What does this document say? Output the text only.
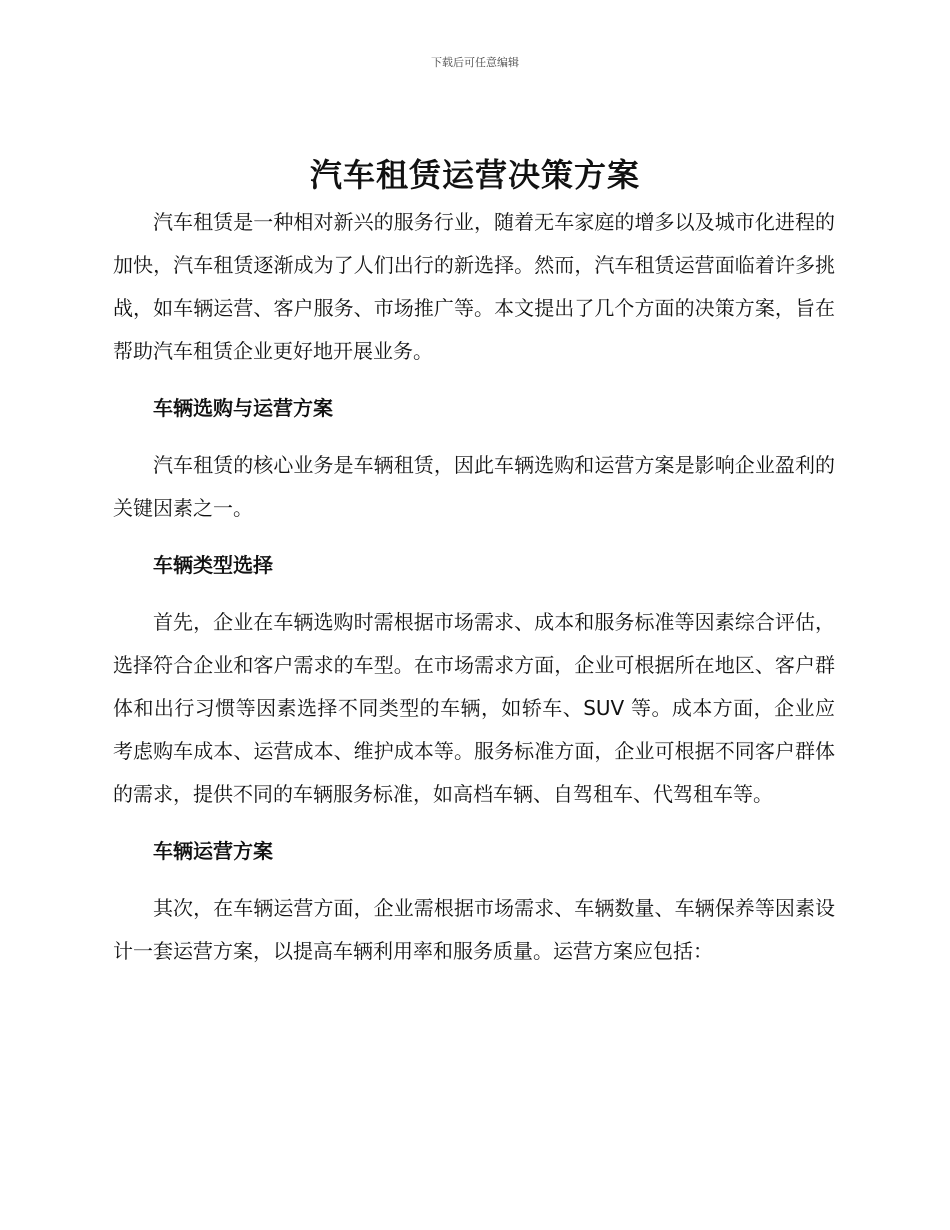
下载后可任意编辑
汽车租赁运营决策方案

汽车租赁是一种相对新兴的服务行业，随着无车家庭的增多以及城市化进程的加快，汽车租赁逐渐成为了人们出行的新选择。然而，汽车租赁运营面临着许多挑战，如车辆运营、客户服务、市场推广等。本文提出了几个方面的决策方案，旨在帮助汽车租赁企业更好地开展业务。

车辆选购与运营方案

汽车租赁的核心业务是车辆租赁，因此车辆选购和运营方案是影响企业盈利的关键因素之一。

车辆类型选择

首先，企业在车辆选购时需根据市场需求、成本和服务标准等因素综合评估，选择符合企业和客户需求的车型。在市场需求方面，企业可根据所在地区、客户群体和出行习惯等因素选择不同类型的车辆，如轿车、SUV 等。成本方面，企业应考虑购车成本、运营成本、维护成本等。服务标准方面，企业可根据不同客户群体的需求，提供不同的车辆服务标准，如高档车辆、自驾租车、代驾租车等。

车辆运营方案

其次，在车辆运营方面，企业需根据市场需求、车辆数量、车辆保养等因素设计一套运营方案，以提高车辆利用率和服务质量。运营方案应包括：
